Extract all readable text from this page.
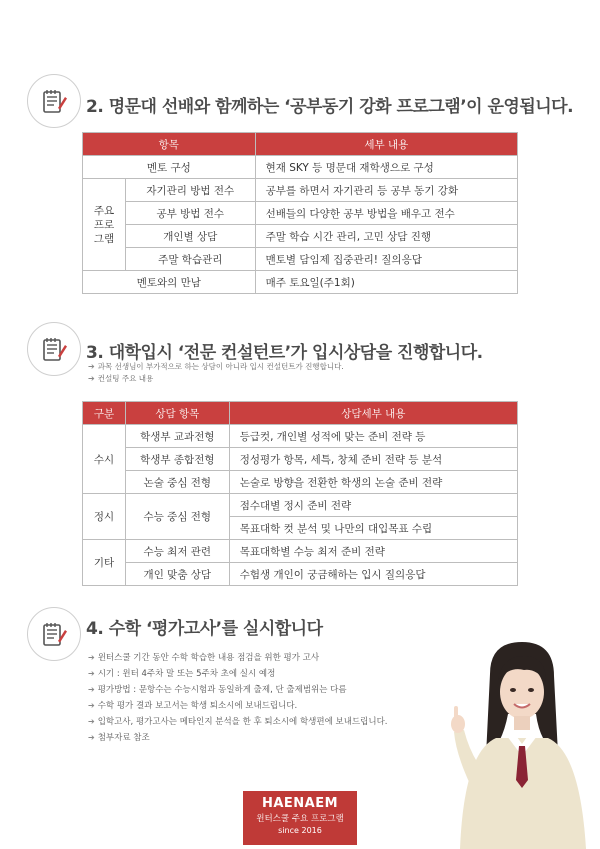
2. 명문대 선배와 함께하는 ‘공부동기 강화 프로그램’이 운영됩니다.
항목		세부 내용
멘토 구성		현재 SKY 등 명문대 재학생으로 구성
주요
프로
그램	자기관리 방법 전수	공부를 하면서 자기관리 등 공부 동기 강화
	공부 방법 전수	선배들의 다양한 공부 방법을 배우고 전수
	개인별 상담	주말 학습 시간 관리, 고민 상담 진행
	주말 학습관리	맨토별 담임제 집중관리! 질의응답
멘토와의 만남		매주 토요일(주1회)
3. 대학입시 ‘전문 컨설턴트’가 입시상담을 진행합니다.
➔ 과목 선생님이 부가적으로 하는 상담이 아니라 입시 컨설턴트가 진행합니다.
➔ 컨설팅 주요 내용
구분	상담 항목	상담세부 내용
수시	학생부 교과전형	등급컷, 개인별 성적에 맞는 준비 전략 등
	학생부 종합전형	정성평가 항목, 세특, 창체 준비 전략 등 분석
	논술 중심 전형	논술로 방향을 전환한 학생의 논술 준비 전략
정시	수능 중심 전형	점수대별 정시 준비 전략
		목표대학 컷 분석 및 나만의 대입목표 수립
기타	수능 최저 관련	목표대학별 수능 최저 준비 전략
	개인 맞춤 상담	수험생 개인이 궁금해하는 입시 질의응답
4. 수학 ‘평가고사’를 실시합니다
➔ 윈터스쿨 기간 동안 수학 학습한 내용 점검을 위한 평가 고사
➔ 시기 : 윈터 4주차 말 또는 5주차 초에 실시 예정
➔ 평가방법 : 문항수는 수능시험과 동일하게 출제, 단 출제범위는 다름
➔ 수학 평가 결과 보고서는 학생 퇴소시에 보내드립니다.
➔ 입학고사, 평가고사는 메타인지 분석을 한 후 퇴소시에 학생편에 보내드립니다.
➔ 첨부자료 참조
HAENAEM
윈터스쿨 주요 프로그램
since 2016
